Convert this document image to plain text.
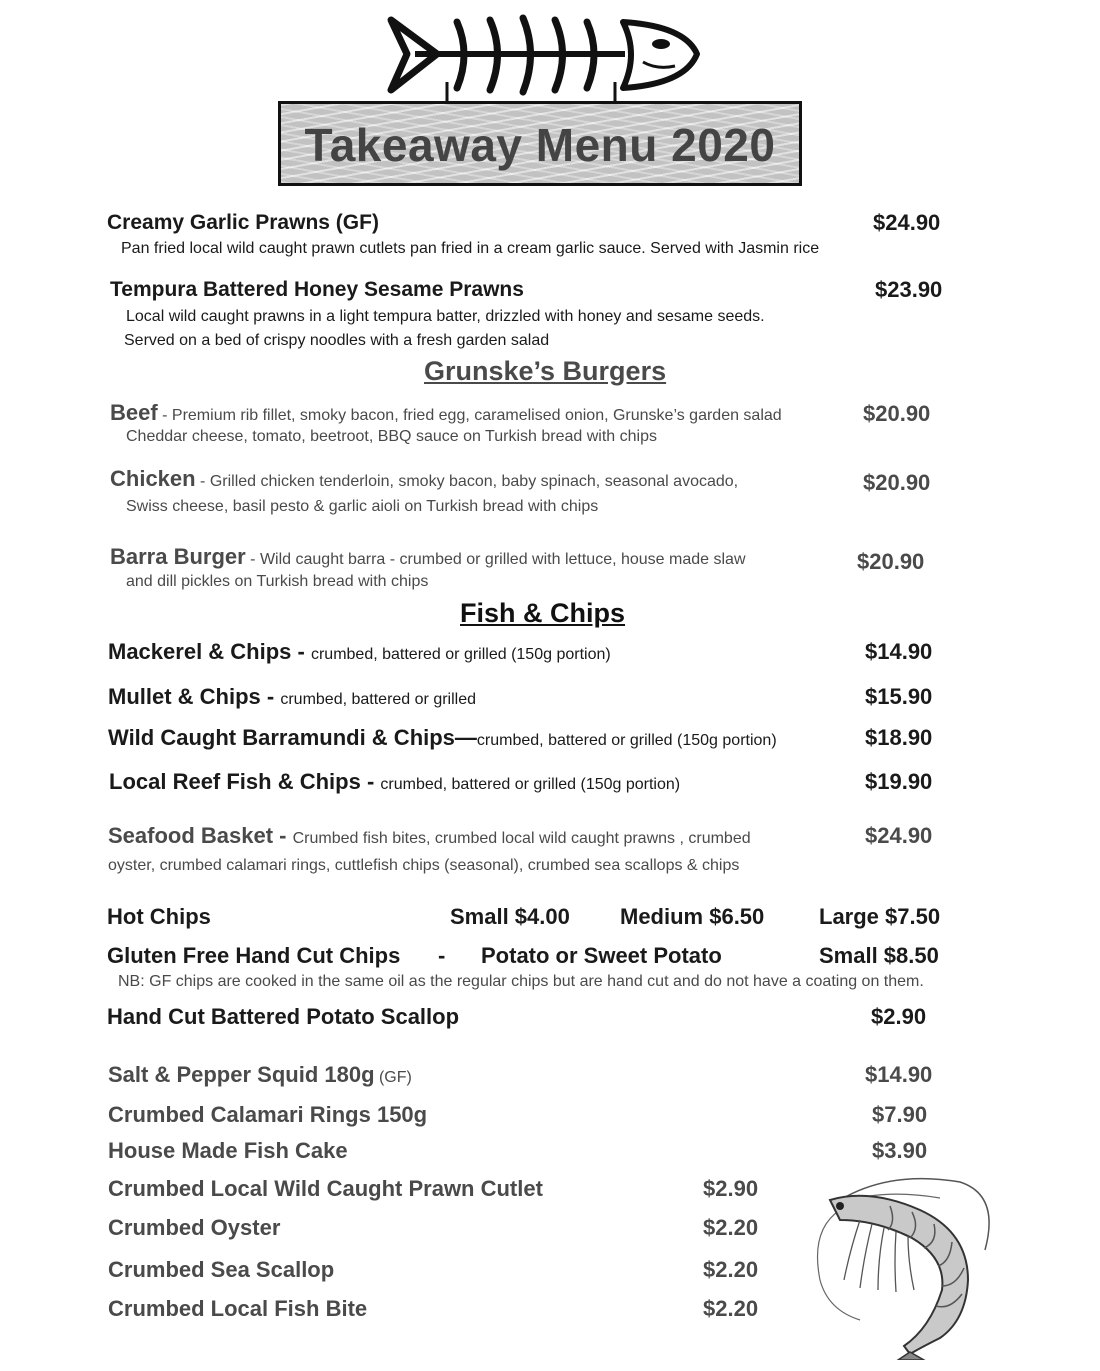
Takeaway Menu 2020
Creamy Garlic Prawns (GF)	$24.90
Pan fried local wild caught prawn cutlets pan fried in a cream garlic sauce. Served with Jasmin rice
Tempura Battered Honey Sesame Prawns	$23.90
Local wild caught prawns in a light tempura batter, drizzled with honey and sesame seeds.
Served on a bed of crispy noodles with a fresh garden salad
Grunske’s Burgers
Beef - Premium rib fillet, smoky bacon, fried egg, caramelised onion, Grunske’s garden salad
Cheddar cheese, tomato, beetroot, BBQ sauce on Turkish bread with chips
$20.90
Chicken - Grilled chicken tenderloin, smoky bacon, baby spinach, seasonal avocado,
Swiss cheese, basil pesto & garlic aioli on Turkish bread with chips
$20.90
Barra Burger - Wild caught barra - crumbed or grilled with lettuce, house made slaw
and dill pickles on Turkish bread with chips
$20.90
Fish & Chips
Mackerel & Chips - crumbed, battered or grilled (150g portion)	$14.90
Mullet & Chips - crumbed, battered or grilled	$15.90
Wild Caught Barramundi & Chips—crumbed, battered or grilled (150g portion)	$18.90
Local Reef Fish & Chips - crumbed, battered or grilled (150g portion)	$19.90
Seafood Basket - Crumbed fish bites, crumbed local wild caught prawns , crumbed
oyster, crumbed calamari rings, cuttlefish chips (seasonal), crumbed sea scallops & chips
$24.90
Hot Chips	Small $4.00 Medium $6.50 Large $7.50
Gluten Free Hand Cut Chips - Potato or Sweet Potato	Small $8.50
NB: GF chips are cooked in the same oil as the regular chips but are hand cut and do not have a coating on them.
Hand Cut Battered Potato Scallop	$2.90
Salt & Pepper Squid 180g (GF)	$14.90
Crumbed Calamari Rings 150g	$7.90
House Made Fish Cake	$3.90
Crumbed Local Wild Caught Prawn Cutlet	$2.90
Crumbed Oyster	$2.20
Crumbed Sea Scallop	$2.20
Crumbed Local Fish Bite	$2.20
